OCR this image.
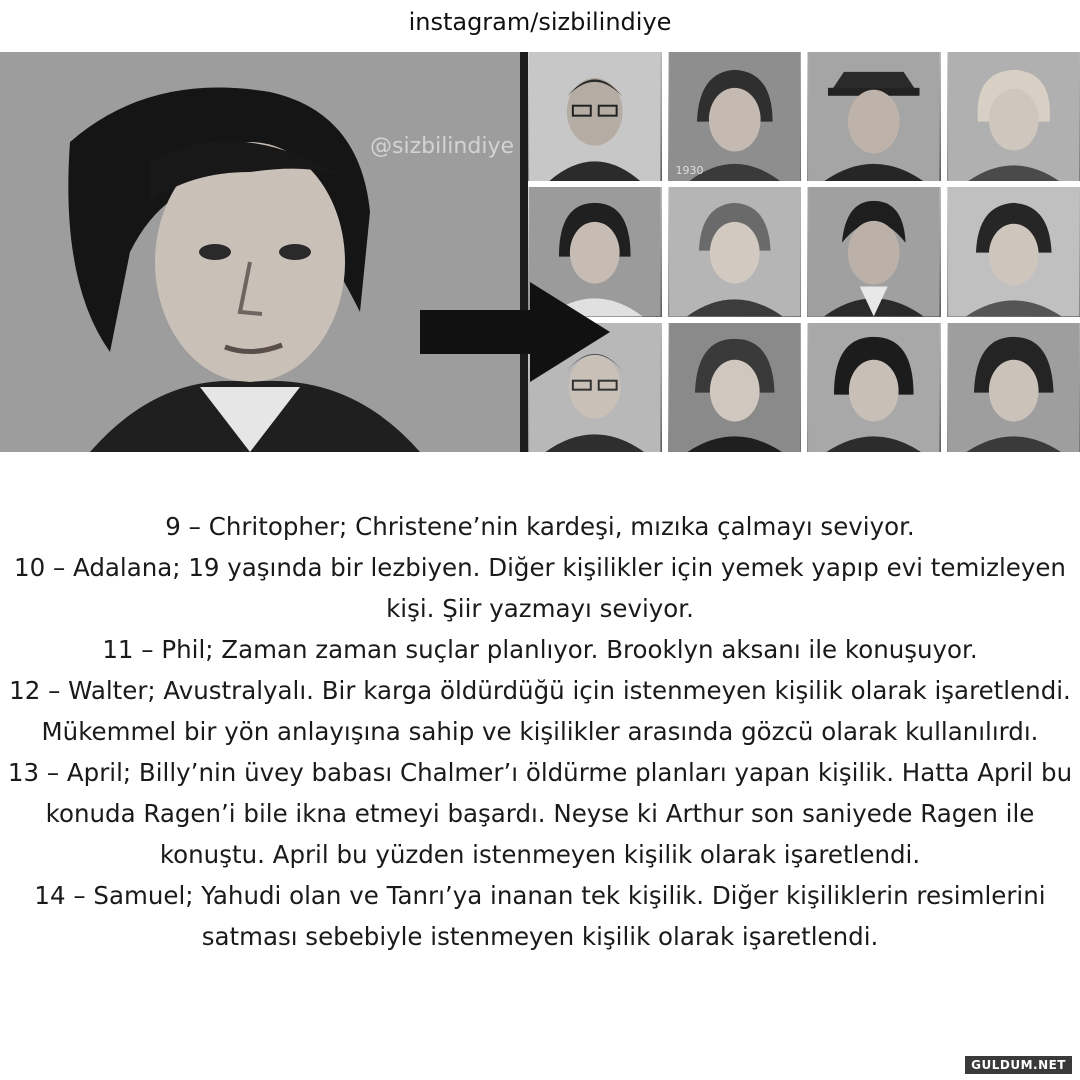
instagram/sizbilindiye
@sizbilindiye
1930

9 – Chritopher; Christene’nin kardeşi, mızıka çalmayı seviyor.

10 – Adalana; 19 yaşında bir lezbiyen. Diğer kişilikler için yemek yapıp evi temizleyen kişi. Şiir yazmayı seviyor.

11 – Phil; Zaman zaman suçlar planlıyor. Brooklyn aksanı ile konuşuyor.

12 – Walter; Avustralyalı. Bir karga öldürdüğü için istenmeyen kişilik olarak işaretlendi. Mükemmel bir yön anlayışına sahip ve kişilikler arasında gözcü olarak kullanılırdı.

13 – April; Billy’nin üvey babası Chalmer’ı öldürme planları yapan kişilik. Hatta April bu konuda Ragen’i bile ikna etmeyi başardı. Neyse ki Arthur son saniyede Ragen ile konuştu. April bu yüzden istenmeyen kişilik olarak işaretlendi.

14 – Samuel; Yahudi olan ve Tanrı’ya inanan tek kişilik. Diğer kişiliklerin resimlerini satması sebebiyle istenmeyen kişilik olarak işaretlendi.

GULDUM.NET
